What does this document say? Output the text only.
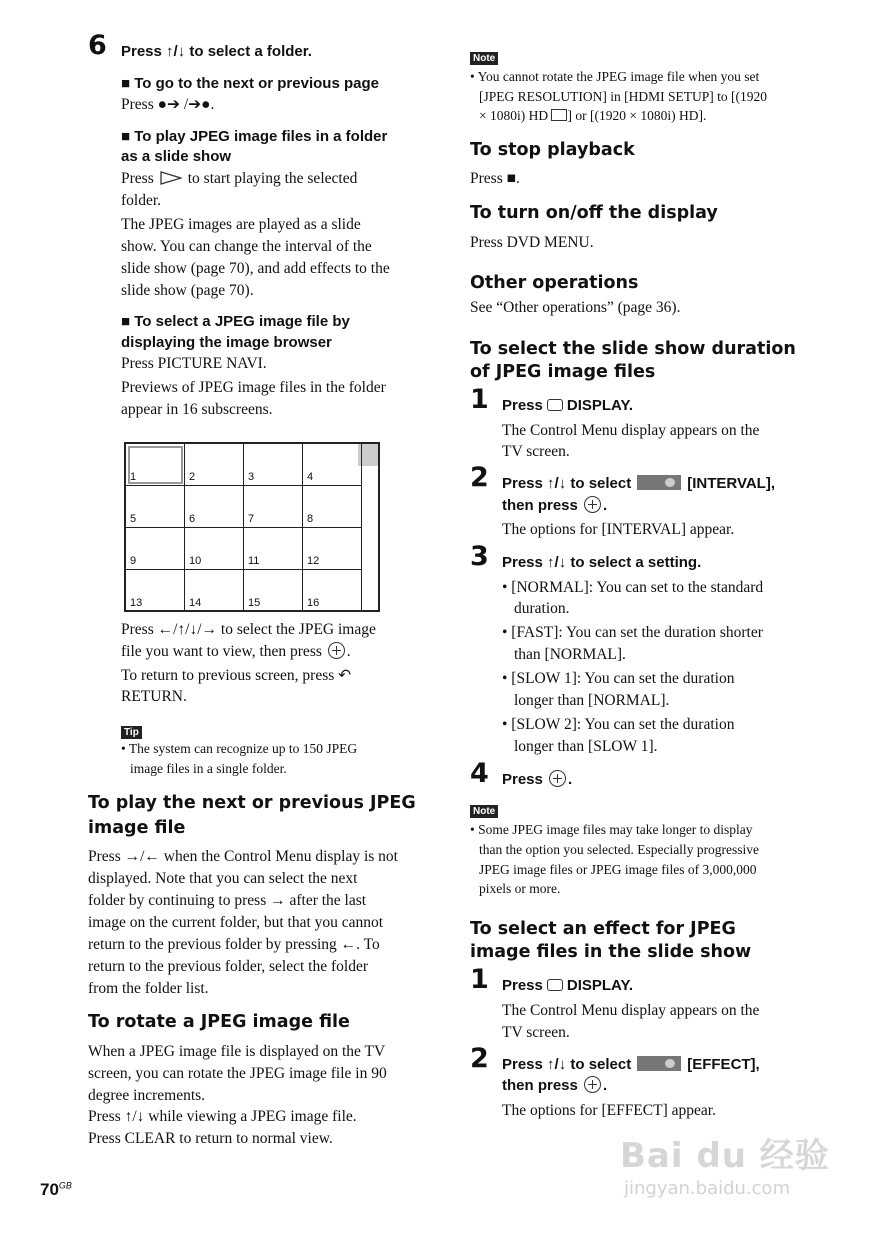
6 Press ↑/↓ to select a folder.
■ To go to the next or previous page
Press ●➔ /➔●.
■ To play JPEG image files in a folder
as a slide show
Press to start playing the selected
folder.
The JPEG images are played as a slide
show. You can change the interval of the
slide show (page 70), and add effects to the
slide show (page 70).
■ To select a JPEG image file by
displaying the image browser
Press PICTURE NAVI.
Previews of JPEG image files in the folder
appear in 16 subscreens.
1	2	3	4
5	6	7	8
9	10	11	12
13	14	15	16
Press ←/↑/↓/→ to select the JPEG image
file you want to view, then press .
To return to previous screen, press ↶
RETURN.
Tip
• The system can recognize up to 150 JPEG
image files in a single folder.
To play the next or previous JPEG
image file
Press →/← when the Control Menu display is not
displayed. Note that you can select the next
folder by continuing to press → after the last
image on the current folder, but that you cannot
return to the previous folder by pressing ←. To
return to the previous folder, select the folder
from the folder list.
To rotate a JPEG image file
When a JPEG image file is displayed on the TV
screen, you can rotate the JPEG image file in 90
degree increments.
Press ↑/↓ while viewing a JPEG image file.
Press CLEAR to return to normal view.
Note
• You cannot rotate the JPEG image file when you set
[JPEG RESOLUTION] in [HDMI SETUP] to [(1920
× 1080i) HD ] or [(1920 × 1080i) HD].
To stop playback
Press ■.
To turn on/off the display
Press DVD MENU.
Other operations
See “Other operations” (page 36).
To select the slide show duration
of JPEG image files
1 Press DISPLAY.
The Control Menu display appears on the
TV screen.
2 Press ↑/↓ to select	[INTERVAL],
then press .
The options for [INTERVAL] appear.
3 Press ↑/↓ to select a setting.
• [NORMAL]: You can set to the standard
duration.
• [FAST]: You can set the duration shorter
than [NORMAL].
• [SLOW 1]: You can set the duration
longer than [NORMAL].
• [SLOW 2]: You can set the duration
longer than [SLOW 1].
4 Press .
Note
• Some JPEG image files may take longer to display
than the option you selected. Especially progressive
JPEG image files or JPEG image files of 3,000,000
pixels or more.
To select an effect for JPEG
image files in the slide show
1 Press DISPLAY.
The Control Menu display appears on the
TV screen.
2 Press ↑/↓ to select	[EFFECT],
then press .
The options for [EFFECT] appear.
$70^{GB}$
Bai du 经验
jingyan.baidu.com
